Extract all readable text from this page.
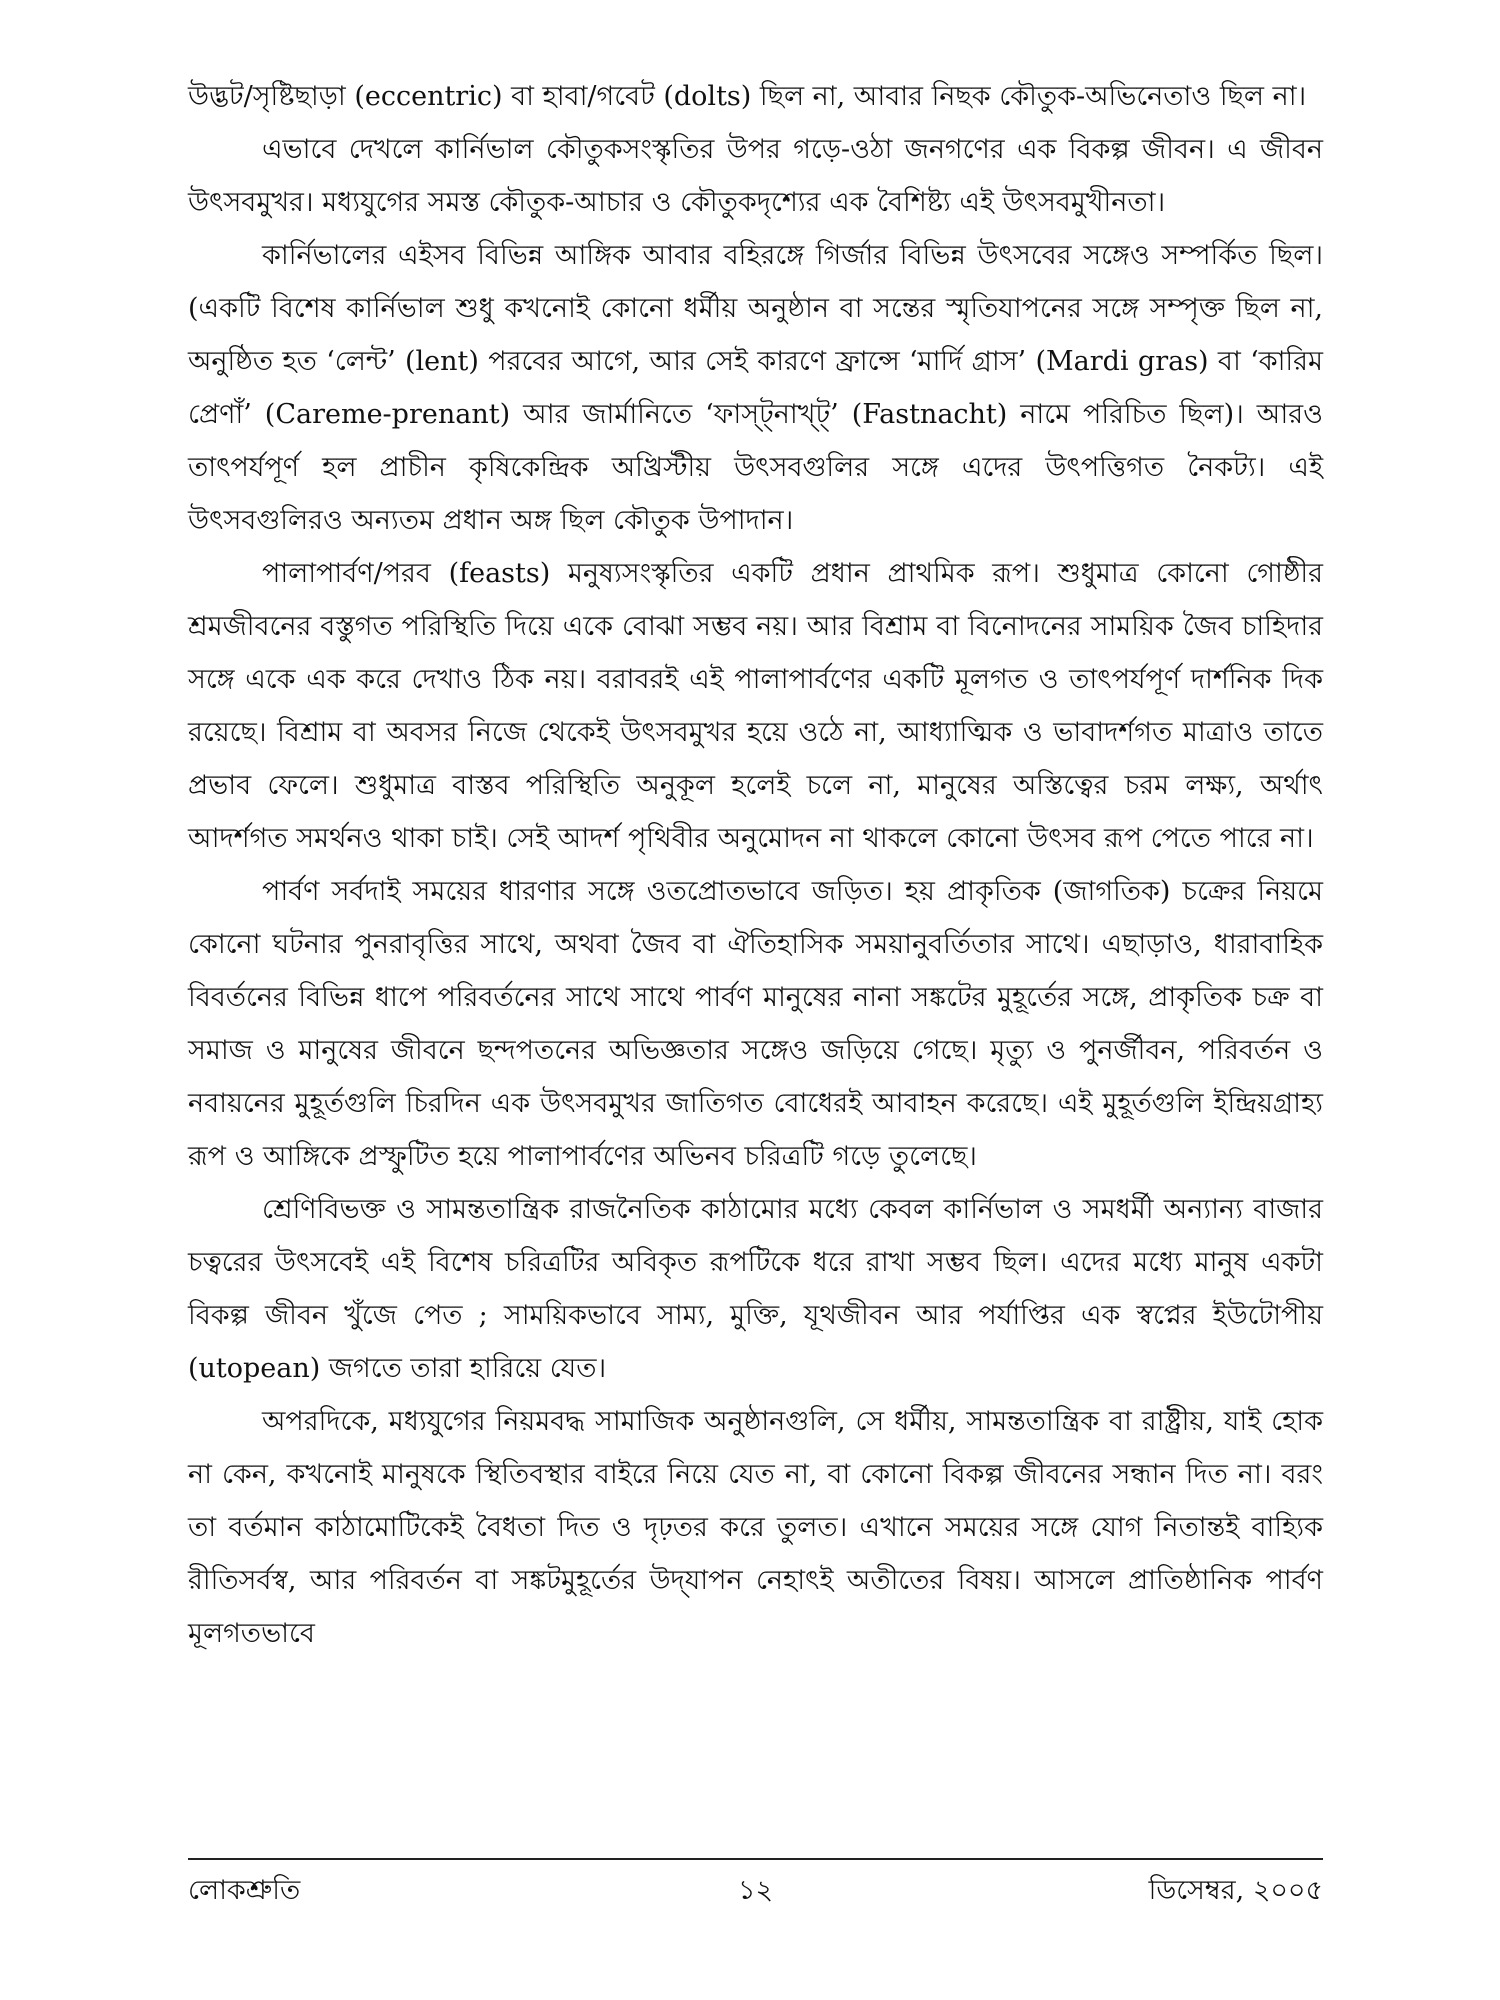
উদ্ভট/সৃষ্টিছাড়া (eccentric) বা হাবা/গবেট (dolts) ছিল না, আবার নিছক কৌতুক-অভিনেতাও ছিল না।

এভাবে দেখলে কার্নিভাল কৌতুকসংস্কৃতির উপর গড়ে-ওঠা জনগণের এক বিকল্প জীবন। এ জীবন উৎসবমুখর। মধ্যযুগের সমস্ত কৌতুক-আচার ও কৌতুকদৃশ্যের এক বৈশিষ্ট্য এই উৎসবমুখীনতা।

কার্নিভালের এইসব বিভিন্ন আঙ্গিক আবার বহিরঙ্গে গির্জার বিভিন্ন উৎসবের সঙ্গেও সম্পর্কিত ছিল। (একটি বিশেষ কার্নিভাল শুধু কখনোই কোনো ধর্মীয় অনুষ্ঠান বা সন্তের স্মৃতিযাপনের সঙ্গে সম্পৃক্ত ছিল না, অনুষ্ঠিত হত ‘লেন্ট’ (lent) পরবের আগে, আর সেই কারণে ফ্রান্সে ‘মার্দি গ্রাস’ (Mardi gras) বা ‘কারিম প্রেণাঁ’ (Careme-prenant) আর জার্মানিতে ‘ফাস্ট্‌নাখ্‌ট্‌’ (Fastnacht) নামে পরিচিত ছিল)। আরও তাৎপর্যপূর্ণ হল প্রাচীন কৃষিকেন্দ্রিক অখ্রিস্টীয় উৎসবগুলির সঙ্গে এদের উৎপত্তিগত নৈকট্য। এই উৎসবগুলিরও অন্যতম প্রধান অঙ্গ ছিল কৌতুক উপাদান।

পালাপার্বণ/পরব (feasts) মনুষ্যসংস্কৃতির একটি প্রধান প্রাথমিক রূপ। শুধুমাত্র কোনো গোষ্ঠীর শ্রমজীবনের বস্তুগত পরিস্থিতি দিয়ে একে বোঝা সম্ভব নয়। আর বিশ্রাম বা বিনোদনের সাময়িক জৈব চাহিদার সঙ্গে একে এক করে দেখাও ঠিক নয়। বরাবরই এই পালাপার্বণের একটি মূলগত ও তাৎপর্যপূর্ণ দার্শনিক দিক রয়েছে। বিশ্রাম বা অবসর নিজে থেকেই উৎসবমুখর হয়ে ওঠে না, আধ্যাত্মিক ও ভাবাদর্শগত মাত্রাও তাতে প্রভাব ফেলে। শুধুমাত্র বাস্তব পরিস্থিতি অনুকূল হলেই চলে না, মানুষের অস্তিত্বের চরম লক্ষ্য, অর্থাৎ আদর্শগত সমর্থনও থাকা চাই। সেই আদর্শ পৃথিবীর অনুমোদন না থাকলে কোনো উৎসব রূপ পেতে পারে না।

পার্বণ সর্বদাই সময়ের ধারণার সঙ্গে ওতপ্রোতভাবে জড়িত। হয় প্রাকৃতিক (জাগতিক) চক্রের নিয়মে কোনো ঘটনার পুনরাবৃত্তির সাথে, অথবা জৈব বা ঐতিহাসিক সময়ানুবর্তিতার সাথে। এছাড়াও, ধারাবাহিক বিবর্তনের বিভিন্ন ধাপে পরিবর্তনের সাথে সাথে পার্বণ মানুষের নানা সঙ্কটের মুহূর্তের সঙ্গে, প্রাকৃতিক চক্র বা সমাজ ও মানুষের জীবনে ছন্দপতনের অভিজ্ঞতার সঙ্গেও জড়িয়ে গেছে। মৃত্যু ও পুনর্জীবন, পরিবর্তন ও নবায়নের মুহূর্তগুলি চিরদিন এক উৎসবমুখর জাতিগত বোধেরই আবাহন করেছে। এই মুহূর্তগুলি ইন্দ্রিয়গ্রাহ্য রূপ ও আঙ্গিকে প্রস্ফুটিত হয়ে পালাপার্বণের অভিনব চরিত্রটি গড়ে তুলেছে।

শ্রেণিবিভক্ত ও সামন্ততান্ত্রিক রাজনৈতিক কাঠামোর মধ্যে কেবল কার্নিভাল ও সমধর্মী অন্যান্য বাজার চত্বরের উৎসবেই এই বিশেষ চরিত্রটির অবিকৃত রূপটিকে ধরে রাখা সম্ভব ছিল। এদের মধ্যে মানুষ একটা বিকল্প জীবন খুঁজে পেত ; সাময়িকভাবে সাম্য, মুক্তি, যূথজীবন আর পর্যাপ্তির এক স্বপ্নের ইউটোপীয় (utopean) জগতে তারা হারিয়ে যেত।

অপরদিকে, মধ্যযুগের নিয়মবদ্ধ সামাজিক অনুষ্ঠানগুলি, সে ধর্মীয়, সামন্ততান্ত্রিক বা রাষ্ট্রীয়, যাই হোক না কেন, কখনোই মানুষকে স্থিতিবস্থার বাইরে নিয়ে যেত না, বা কোনো বিকল্প জীবনের সন্ধান দিত না। বরং তা বর্তমান কাঠামোটিকেই বৈধতা দিত ও দৃঢ়তর করে তুলত। এখানে সময়ের সঙ্গে যোগ নিতান্তই বাহ্যিক রীতিসর্বস্ব, আর পরিবর্তন বা সঙ্কটমুহূর্তের উদ্‌যাপন নেহাৎই অতীতের বিষয়। আসলে প্রাতিষ্ঠানিক পার্বণ মূলগতভাবে

লোকশ্রুতি	১২	ডিসেম্বর, ২০০৫
